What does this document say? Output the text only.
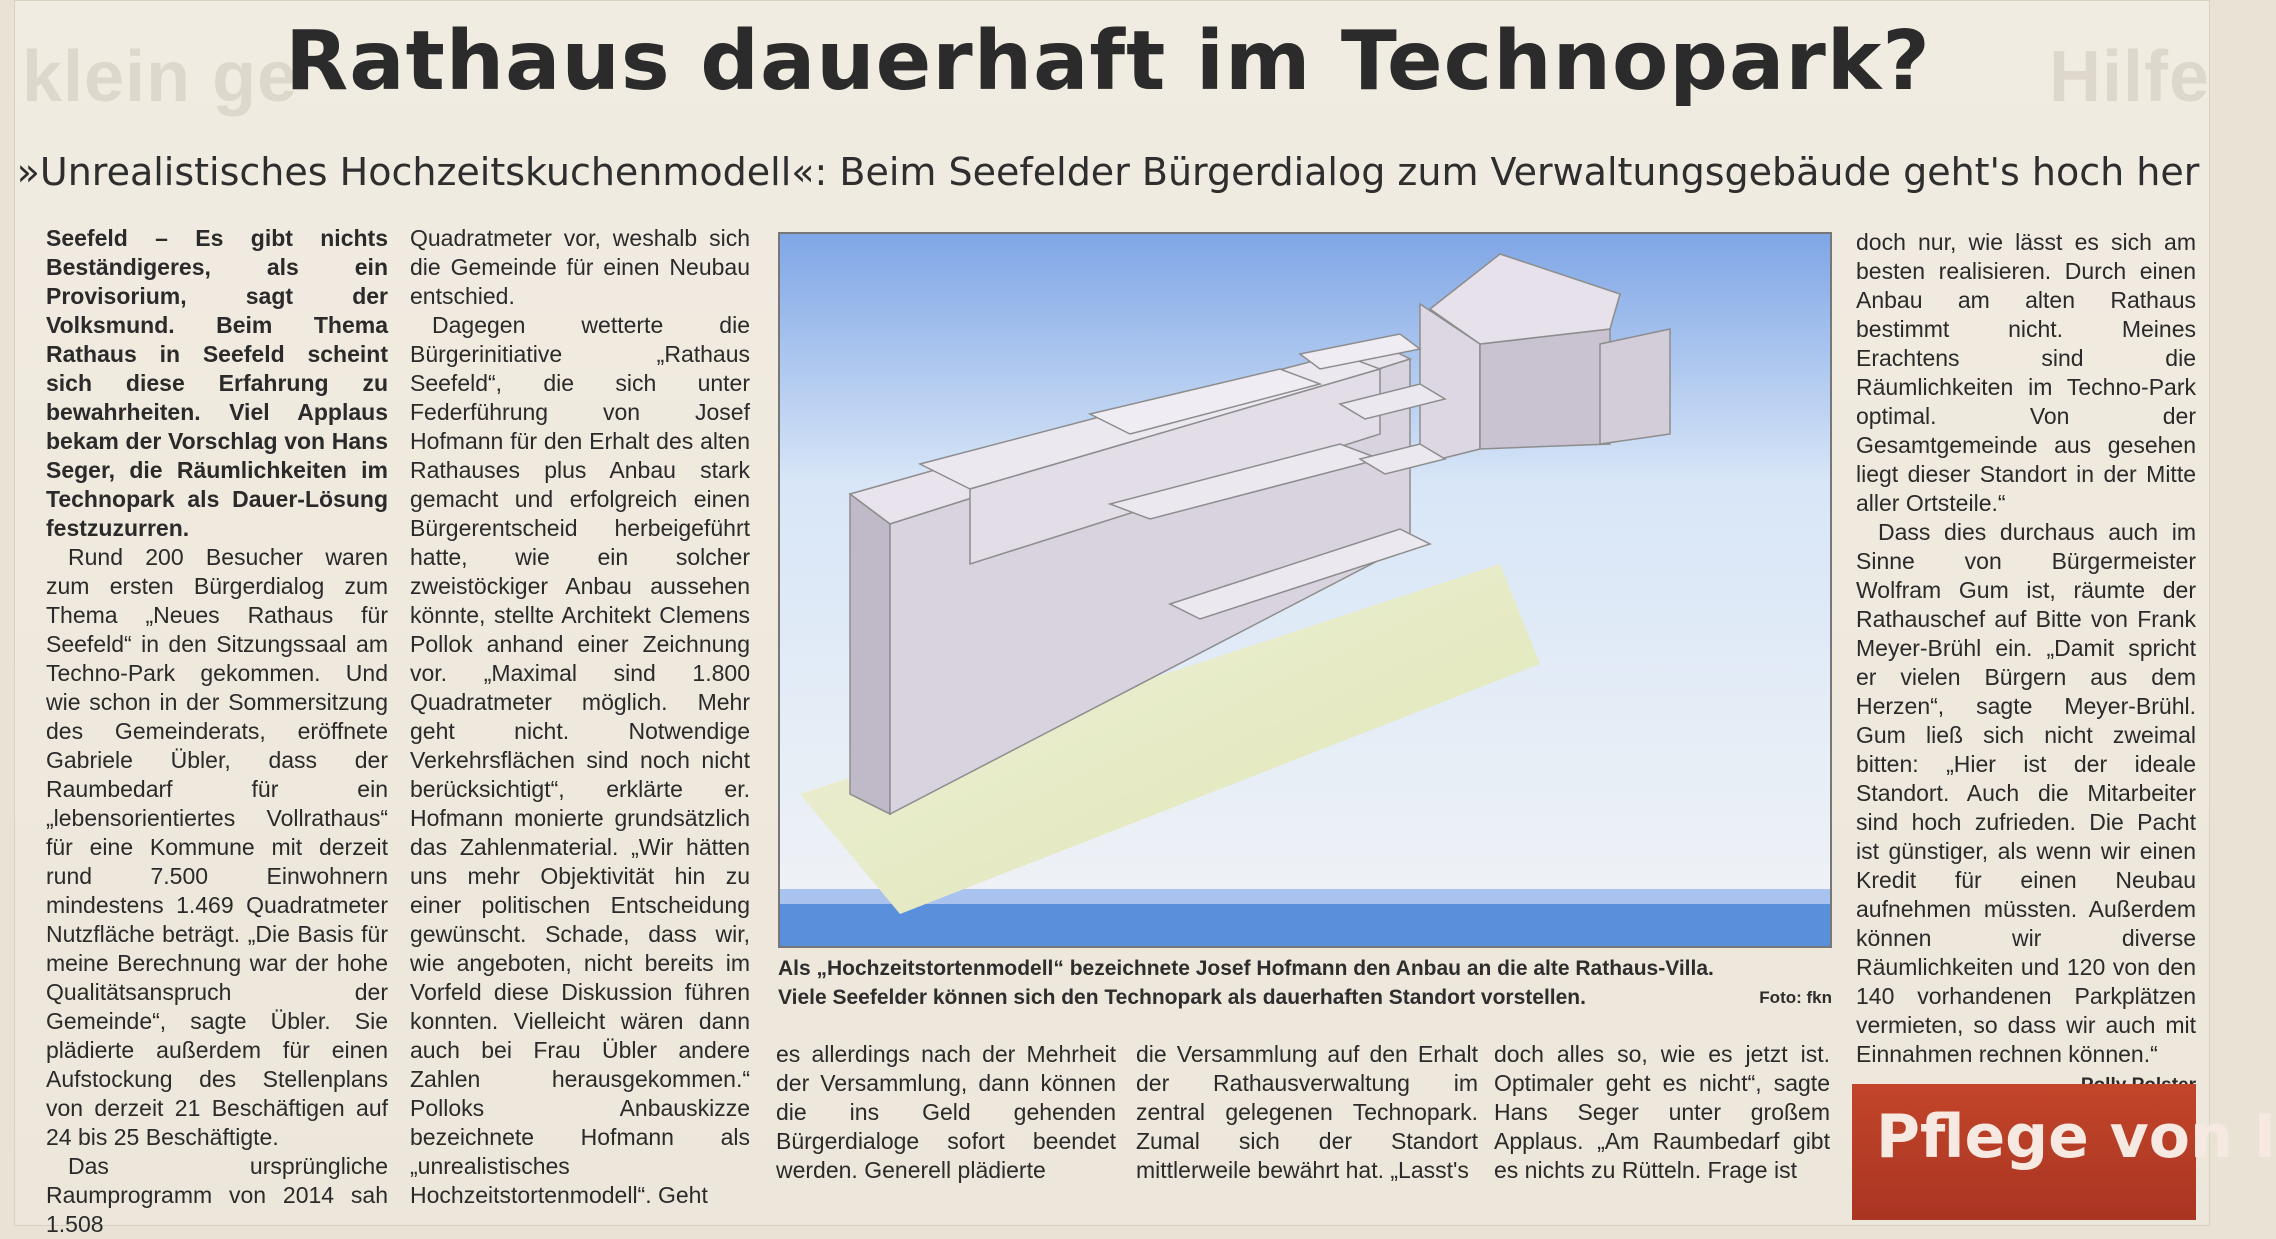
klein ge	Hilfe
Rathaus dauerhaft im Technopark?
»Unrealistisches Hochzeitskuchenmodell«: Beim Seefelder Bürgerdialog zum Verwaltungsgebäude geht's hoch her

Seefeld – Es gibt nichts Beständigeres, als ein Provisorium, sagt der Volksmund. Beim Thema Rathaus in Seefeld scheint sich diese Erfahrung zu bewahrheiten. Viel Applaus bekam der Vorschlag von Hans Seger, die Räumlichkeiten im Technopark als Dauer-Lösung festzuzurren.

Rund 200 Besucher waren zum ersten Bürgerdialog zum Thema „Neues Rathaus für Seefeld“ in den Sitzungssaal am Techno-Park gekommen. Und wie schon in der Sommersitzung des Gemeinderats, eröffnete Gabriele Übler, dass der Raumbedarf für ein „lebensorientiertes Vollrathaus“ für eine Kommune mit derzeit rund 7.500 Einwohnern mindestens 1.469 Quadratmeter Nutzfläche beträgt. „Die Basis für meine Berechnung war der hohe Qualitätsanspruch der Gemeinde“, sagte Übler. Sie plädierte außerdem für einen Aufstockung des Stellenplans von derzeit 21 Beschäftigen auf 24 bis 25 Beschäftigte.

Das ursprüngliche Raumprogramm von 2014 sah 1.508

Quadratmeter vor, weshalb sich die Gemeinde für einen Neubau entschied.

Dagegen wetterte die Bürgerinitiative „Rathaus Seefeld“, die sich unter Federführung von Josef Hofmann für den Erhalt des alten Rathauses plus Anbau stark gemacht und erfolgreich einen Bürgerentscheid herbeigeführt hatte, wie ein solcher zweistöckiger Anbau aussehen könnte, stellte Architekt Clemens Pollok anhand einer Zeichnung vor. „Maximal sind 1.800 Quadratmeter möglich. Mehr geht nicht. Notwendige Verkehrsflächen sind noch nicht berücksichtigt“, erklärte er. Hofmann monierte grundsätzlich das Zahlenmaterial. „Wir hätten uns mehr Objektivität hin zu einer politischen Entscheidung gewünscht. Schade, dass wir, wie angeboten, nicht bereits im Vorfeld diese Diskussion führen konnten. Vielleicht wären dann auch bei Frau Übler andere Zahlen herausgekommen.“ Polloks Anbauskizze bezeichnete Hofmann als „unrealistisches Hochzeitstortenmodell“. Geht

Als „Hochzeitstortenmodell“ bezeichnete Josef Hofmann den Anbau an die alte Rathaus-Villa.
Viele Seefelder können sich den Technopark als dauerhaften Standort vorstellen.	Foto: fkn

es allerdings nach der Mehrheit der Versammlung, dann können die ins Geld gehenden Bürgerdialoge sofort beendet werden. Generell plädierte

die Versammlung auf den Erhalt der Rathausverwaltung im zentral gelegenen Technopark. Zumal sich der Standort mittlerweile bewährt hat. „Lasst's

doch alles so, wie es jetzt ist. Optimaler geht es nicht“, sagte Hans Seger unter großem Applaus. „Am Raumbedarf gibt es nichts zu Rütteln. Frage ist

doch nur, wie lässt es sich am besten realisieren. Durch einen Anbau am alten Rathaus bestimmt nicht. Meines Erachtens sind die Räumlichkeiten im Techno-Park optimal. Von der Gesamtgemeinde aus gesehen liegt dieser Standort in der Mitte aller Ortsteile.“

Dass dies durchaus auch im Sinne von Bürgermeister Wolfram Gum ist, räumte der Rathauschef auf Bitte von Frank Meyer-Brühl ein. „Damit spricht er vielen Bürgern aus dem Herzen“, sagte Meyer-Brühl. Gum ließ sich nicht zweimal bitten: „Hier ist der ideale Standort. Auch die Mitarbeiter sind hoch zufrieden. Die Pacht ist günstiger, als wenn wir einen Kredit für einen Neubau aufnehmen müssten. Außerdem können wir diverse Räumlichkeiten und 120 von den 140 vorhandenen Parkplätzen vermieten, so dass wir auch mit Einnahmen rechnen können.“

Pflege von I
